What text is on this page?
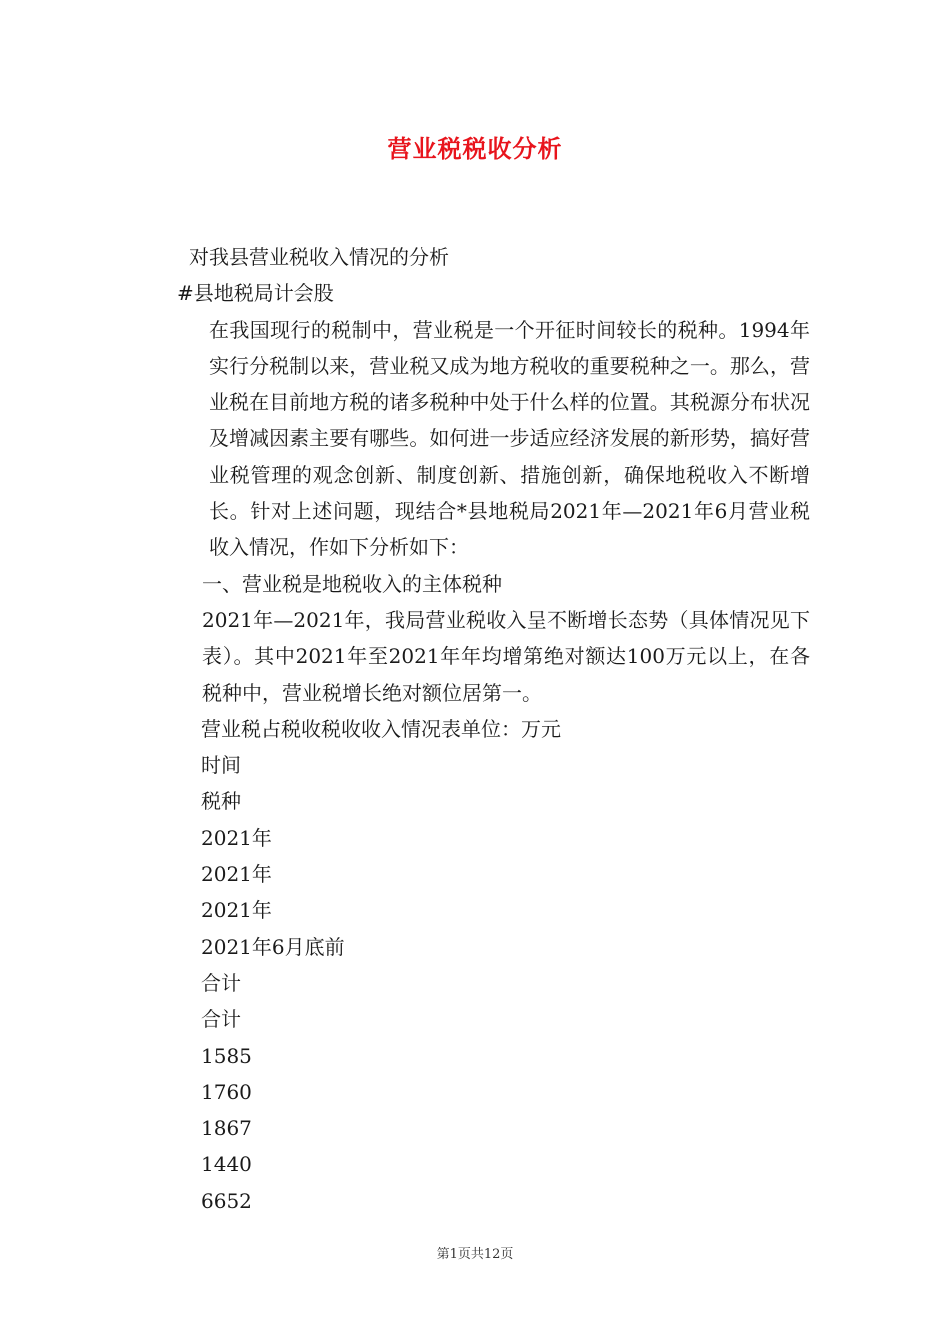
营业税税收分析

对我县营业税收入情况的分析

#县地税局计会股

在我国现行的税制中，营业税是一个开征时间较长的税种。1994年实行分税制以来，营业税又成为地方税收的重要税种之一。那么，营业税在目前地方税的诸多税种中处于什么样的位置。其税源分布状况及增减因素主要有哪些。如何进一步适应经济发展的新形势，搞好营业税管理的观念创新、制度创新、措施创新，确保地税收入不断增长。针对上述问题，现结合*县地税局2021年—2021年6月营业税收入情况，作如下分析如下：

一、营业税是地税收入的主体税种

2021年—2021年，我局营业税收入呈不断增长态势（具体情况见下表）。其中2021年至2021年年均增第绝对额达100万元以上，在各税种中，营业税增长绝对额位居第一。

营业税占税收税收收入情况表单位：万元

时间

税种

2021年

2021年

2021年

2021年6月底前

合计

合计

1585

1760

1867

1440

6652

第1页共12页
